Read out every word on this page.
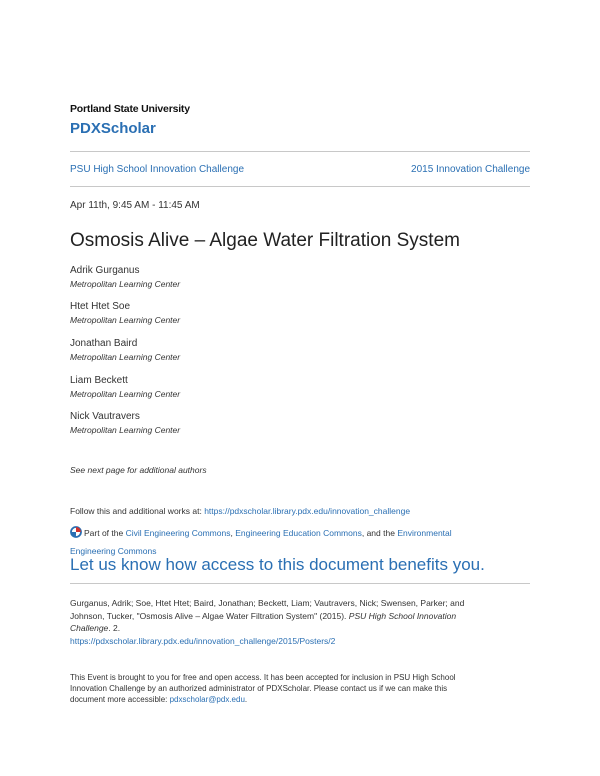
Portland State University
PDXScholar
PSU High School Innovation Challenge	2015 Innovation Challenge
Apr 11th, 9:45 AM - 11:45 AM
Osmosis Alive – Algae Water Filtration System
Adrik Gurganus
Metropolitan Learning Center
Htet Htet Soe
Metropolitan Learning Center
Jonathan Baird
Metropolitan Learning Center
Liam Beckett
Metropolitan Learning Center
Nick Vautravers
Metropolitan Learning Center
See next page for additional authors
Follow this and additional works at: https://pdxscholar.library.pdx.edu/innovation_challenge
Part of the Civil Engineering Commons, Engineering Education Commons, and the Environmental
Engineering Commons
Let us know how access to this document benefits you.
Gurganus, Adrik; Soe, Htet Htet; Baird, Jonathan; Beckett, Liam; Vautravers, Nick; Swensen, Parker; and
Johnson, Tucker, "Osmosis Alive – Algae Water Filtration System" (2015). PSU High School Innovation
Challenge. 2.
https://pdxscholar.library.pdx.edu/innovation_challenge/2015/Posters/2
This Event is brought to you for free and open access. It has been accepted for inclusion in PSU High School
Innovation Challenge by an authorized administrator of PDXScholar. Please contact us if we can make this
document more accessible: pdxscholar@pdx.edu.
